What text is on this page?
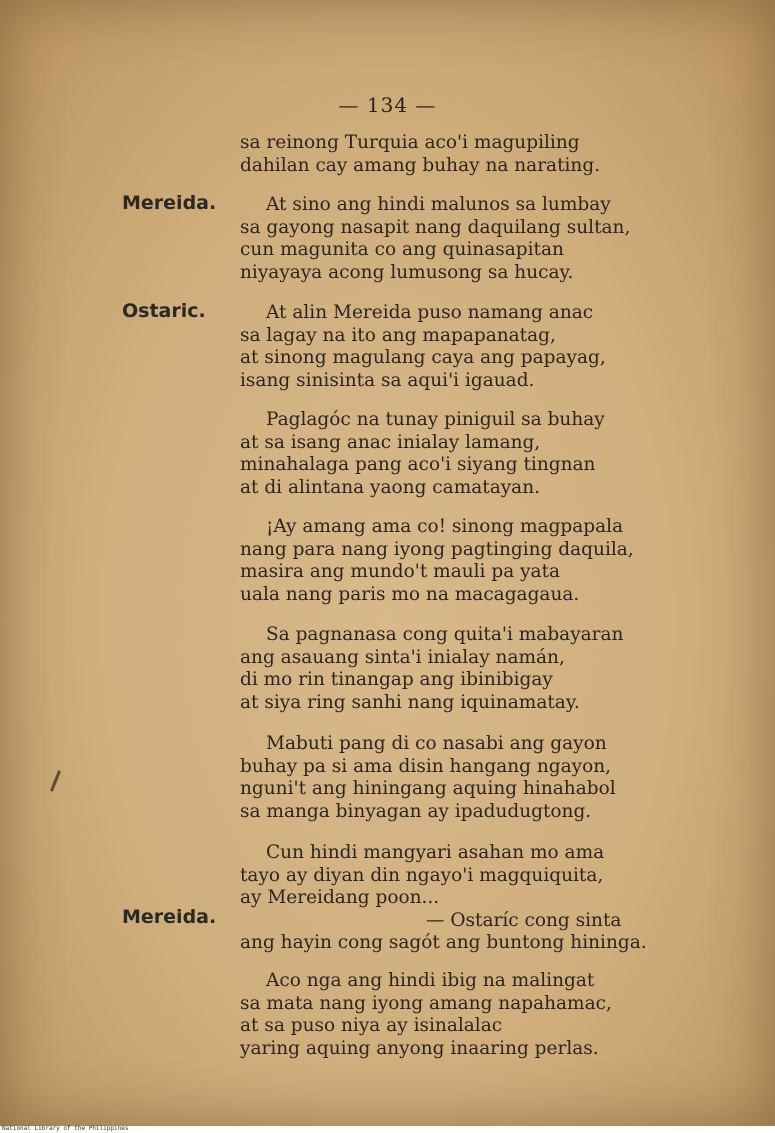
— 134 —
sa reinong Turquia aco'i magupiling
dahilan cay amang buhay na narating.
Mereida.	At sino ang hindi malunos sa lumbay
sa gayong nasapit nang daquilang sultan,
cun magunita co ang quinasapitan
niyayaya acong lumusong sa hucay.
Ostaric.	At alin Mereida puso namang anac
sa lagay na ito ang mapapanatag,
at sinong magulang caya ang papayag,
isang sinisinta sa aqui'i igauad.
Paglagóc na tunay piniguil sa buhay
at sa isang anac inialay lamang,
minahalaga pang aco'i siyang tingnan
at di alintana yaong camatayan.
¡Ay amang ama co! sinong magpapala
nang para nang iyong pagtinging daquila,
masira ang mundo't mauli pa yata
uala nang paris mo na macagagaua.
Sa pagnanasa cong quita'i mabayaran
ang asauang sinta'i inialay namán,
di mo rin tinangap ang ibinibigay
at siya ring sanhi nang iquinamatay.
Mabuti pang di co nasabi ang gayon
buhay pa si ama disin hangang ngayon,
nguni't ang hiningang aquing hinahabol
sa manga binyagan ay ipadudugtong.
Cun hindi mangyari asahan mo ama
tayo ay diyan din ngayo'i magquiquita,
ay Mereidang poon...
— Ostaríc cong sinta
ang hayin cong sagót ang buntong hininga.
Mereida.
Aco nga ang hindi ibig na malingat
sa mata nang iyong amang napahamac,
at sa puso niya ay isinalalac
yaring aquing anyong inaaring perlas.
National Library of the Philippines
